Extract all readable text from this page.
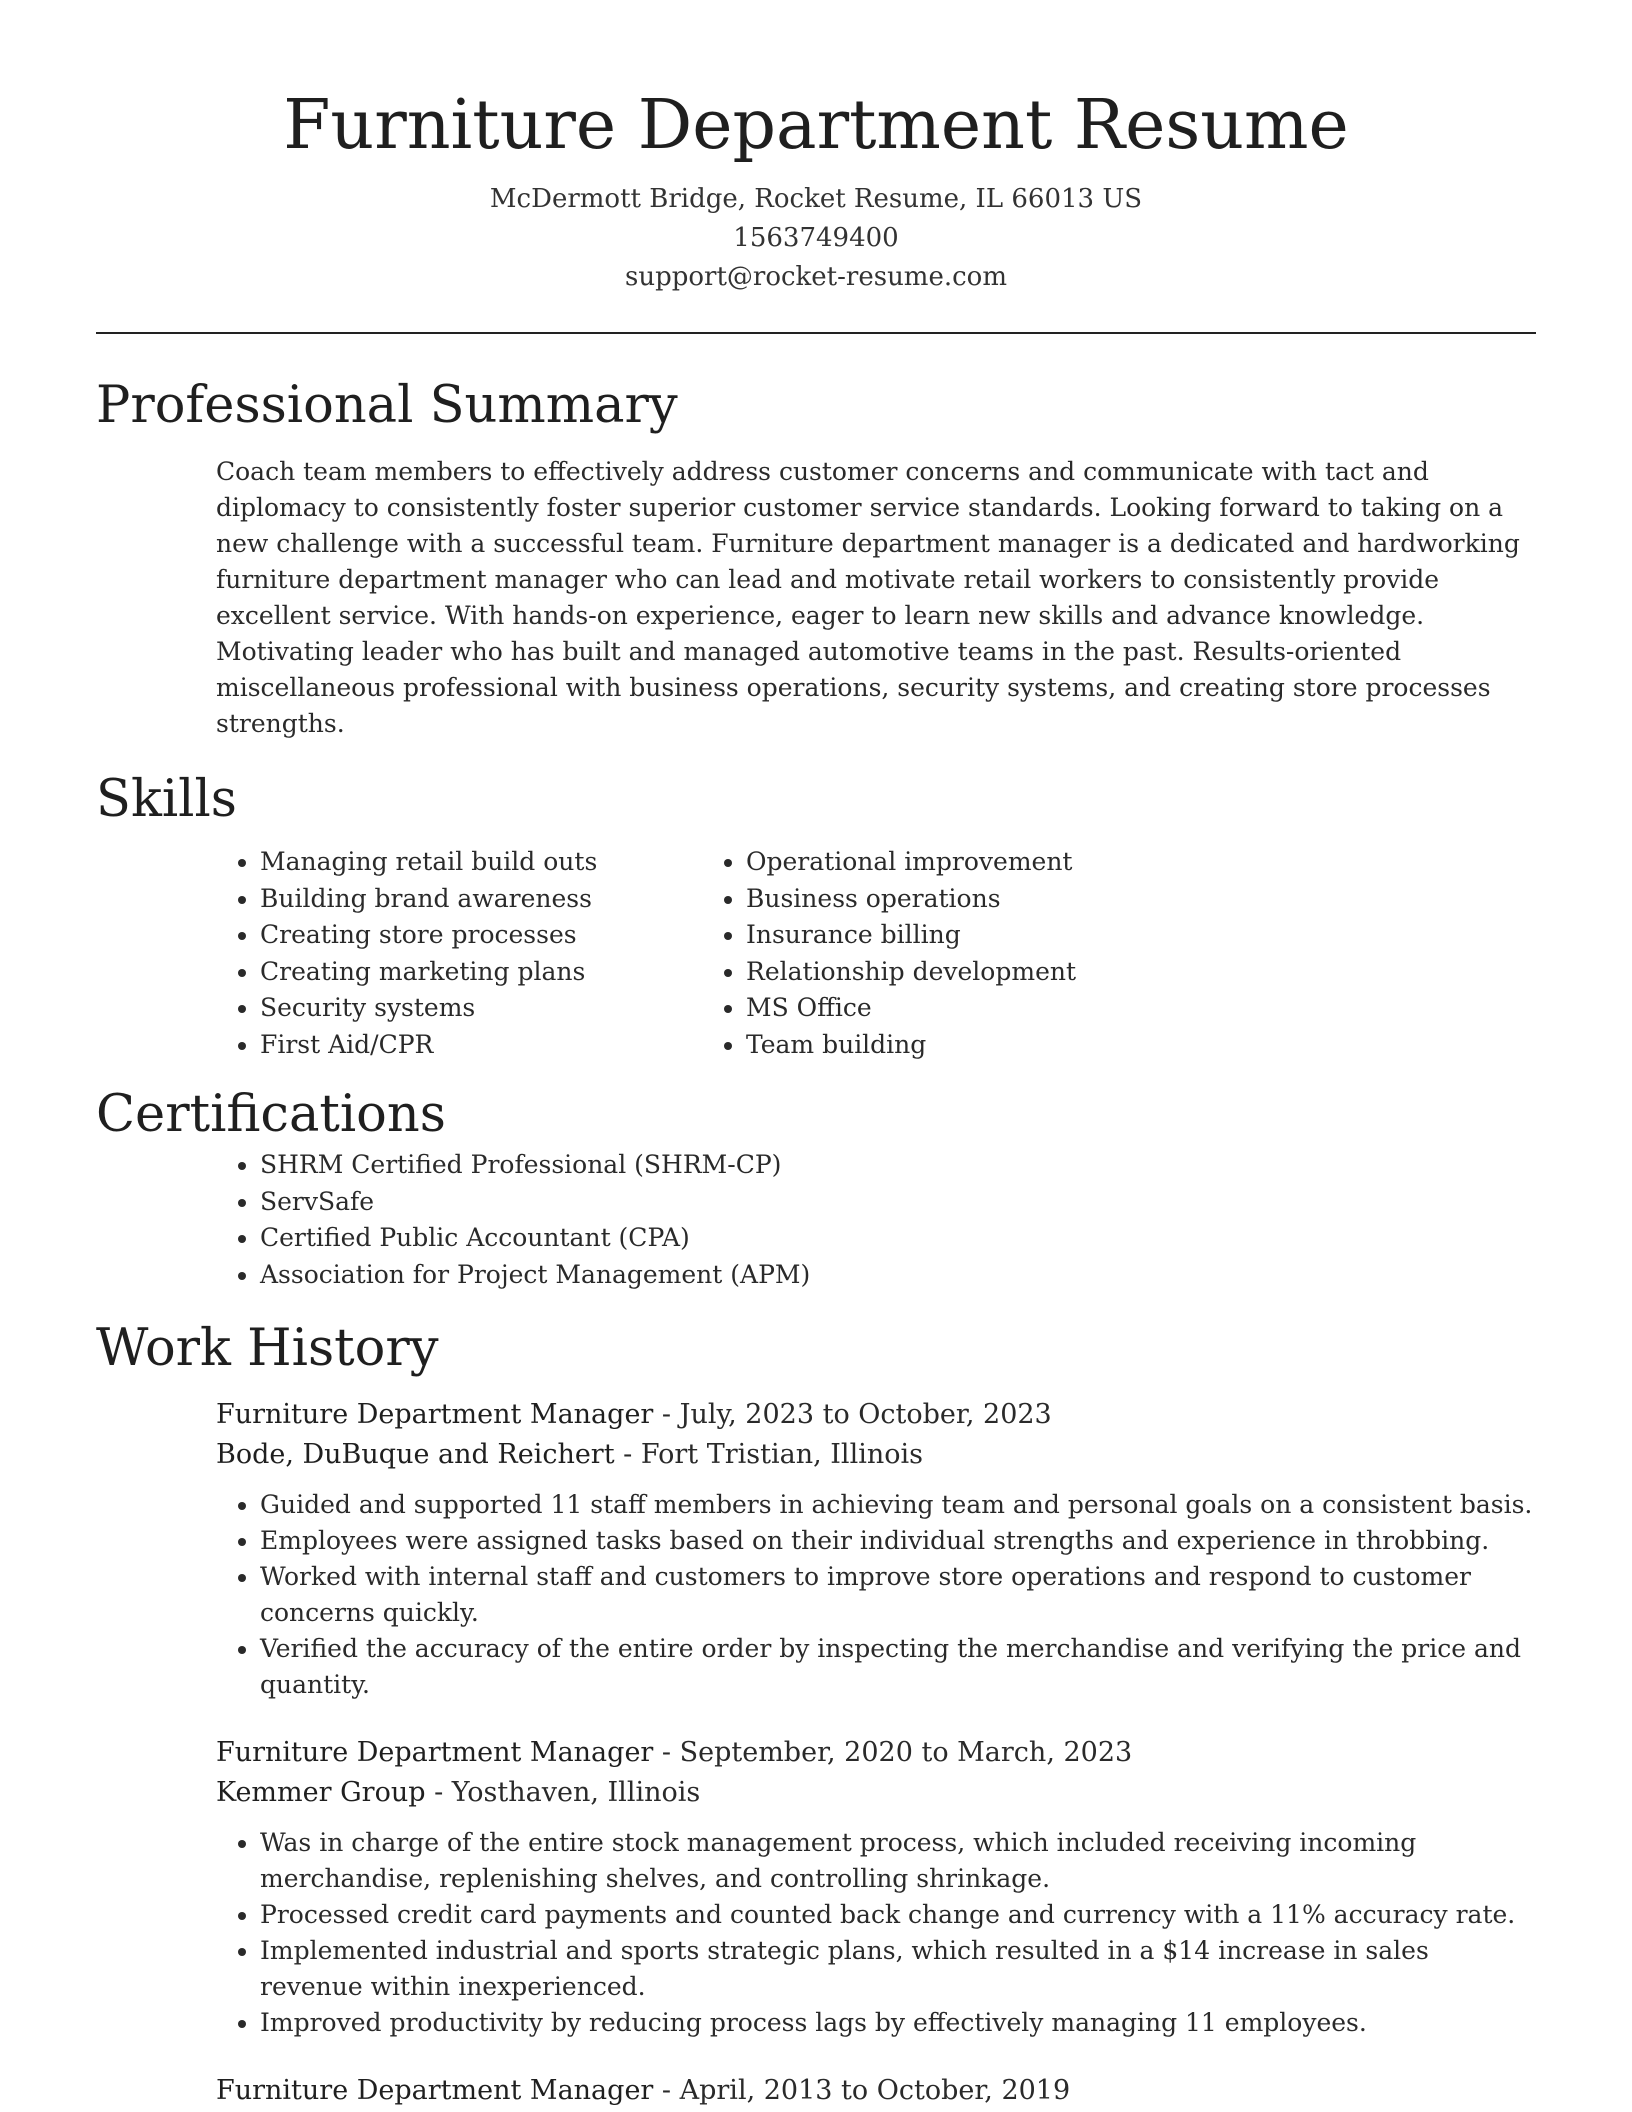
Furniture Department Resume
McDermott Bridge, Rocket Resume, IL 66013 US
1563749400
support@rocket-resume.com
Professional Summary

Coach team members to effectively address customer concerns and communicate with tact and diplomacy to consistently foster superior customer service standards. Looking forward to taking on a new challenge with a successful team. Furniture department manager is a dedicated and hardworking furniture department manager who can lead and motivate retail workers to consistently provide excellent service. With hands-on experience, eager to learn new skills and advance knowledge. Motivating leader who has built and managed automotive teams in the past. Results-oriented miscellaneous professional with business operations, security systems, and creating store processes strengths.

Skills
• Managing retail build outs
• Building brand awareness
• Creating store processes
• Creating marketing plans
• Security systems
• First Aid/CPR
• Operational improvement
• Business operations
• Insurance billing
• Relationship development
• MS Office
• Team building
Certifications
• SHRM Certified Professional (SHRM-CP)
• ServSafe
• Certified Public Accountant (CPA)
• Association for Project Management (APM)
Work History
Furniture Department Manager - July, 2023 to October, 2023
Bode, DuBuque and Reichert - Fort Tristian, Illinois
• Guided and supported 11 staff members in achieving team and personal goals on a consistent basis.
• Employees were assigned tasks based on their individual strengths and experience in throbbing.
• Worked with internal staff and customers to improve store operations and respond to customer concerns quickly.
• Verified the accuracy of the entire order by inspecting the merchandise and verifying the price and quantity.
Furniture Department Manager - September, 2020 to March, 2023
Kemmer Group - Yosthaven, Illinois
• Was in charge of the entire stock management process, which included receiving incoming merchandise, replenishing shelves, and controlling shrinkage.
• Processed credit card payments and counted back change and currency with a 11% accuracy rate.
• Implemented industrial and sports strategic plans, which resulted in a $14 increase in sales revenue within inexperienced.
• Improved productivity by reducing process lags by effectively managing 11 employees.
Furniture Department Manager - April, 2013 to October, 2019
